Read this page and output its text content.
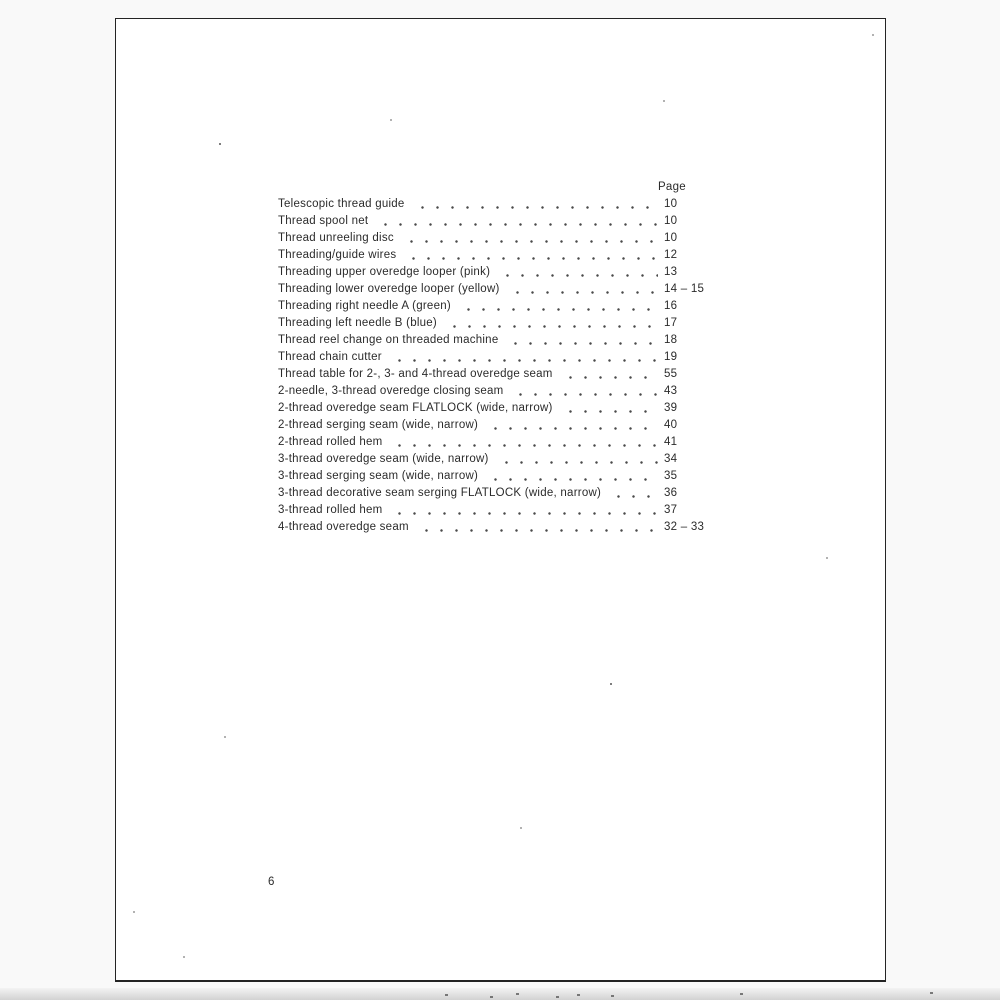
Page
Telescopic thread guide	10
Thread spool net	10
Thread unreeling disc	10
Threading/guide wires	12
Threading upper overedge looper (pink)	13
Threading lower overedge looper (yellow)	14 – 15
Threading right needle A (green)	16
Threading left needle B (blue)	17
Thread reel change on threaded machine	18
Thread chain cutter	19
Thread table for 2-, 3- and 4-thread overedge seam	55
2-needle, 3-thread overedge closing seam	43
2-thread overedge seam FLATLOCK (wide, narrow)	39
2-thread serging seam (wide, narrow)	40
2-thread rolled hem	41
3-thread overedge seam (wide, narrow)	34
3-thread serging seam (wide, narrow)	35
3-thread decorative seam serging FLATLOCK (wide, narrow)	36
3-thread rolled hem	37
4-thread overedge seam	32 – 33
6
